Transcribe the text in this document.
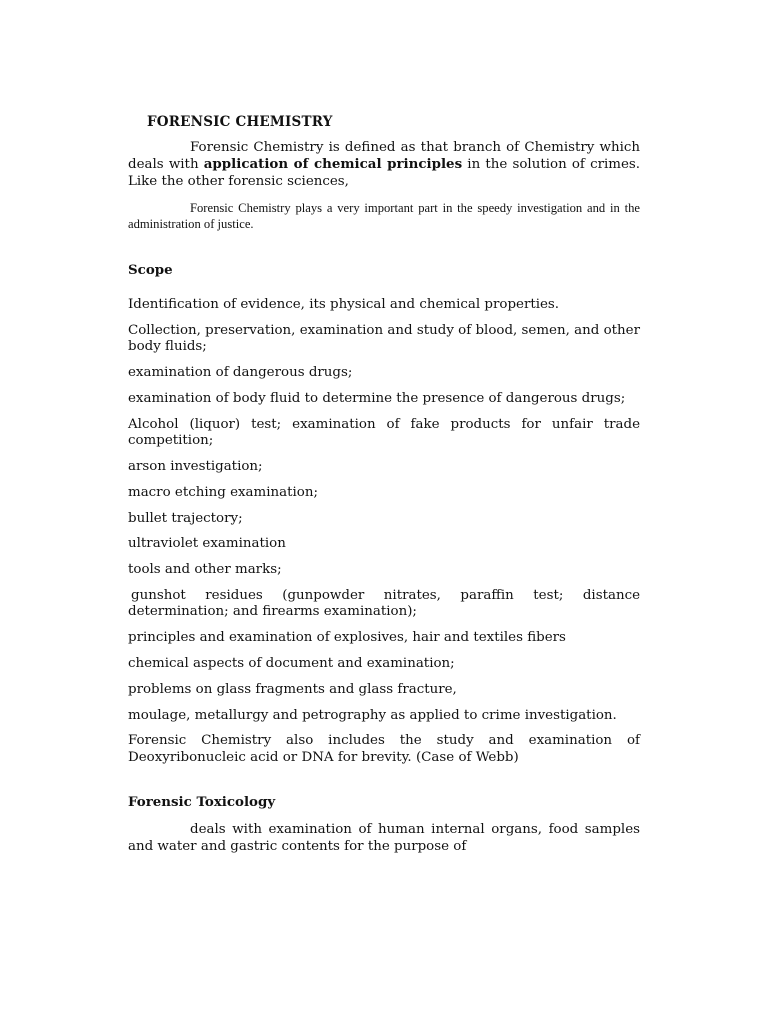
FORENSIC CHEMISTRY

Forensic Chemistry is defined as that branch of Chemistry which deals with application of chemical principles in the solution of crimes. Like the other forensic sciences,

Forensic Chemistry plays a very important part in the speedy investigation and in the administration of justice.

Scope
Identification of evidence, its physical and chemical properties.
Collection, preservation, examination and study of blood, semen, and other body fluids;
examination of dangerous drugs;
examination of body fluid to determine the presence of dangerous drugs;
Alcohol (liquor) test; examination of fake products for unfair trade competition;
arson investigation;
macro etching examination;
bullet trajectory;
ultraviolet examination
tools and other marks;
gunshot residues (gunpowder nitrates, paraffin test; distance determination; and firearms examination);
principles and examination of explosives, hair and textiles fibers
chemical aspects of document and examination;
problems on glass fragments and glass fracture,
moulage, metallurgy and petrography as applied to crime investigation.
Forensic Chemistry also includes the study and examination of Deoxyribonucleic acid or DNA for brevity. (Case of Webb)
Forensic Toxicology

deals with examination of human internal organs, food samples and water and gastric contents for the purpose of
